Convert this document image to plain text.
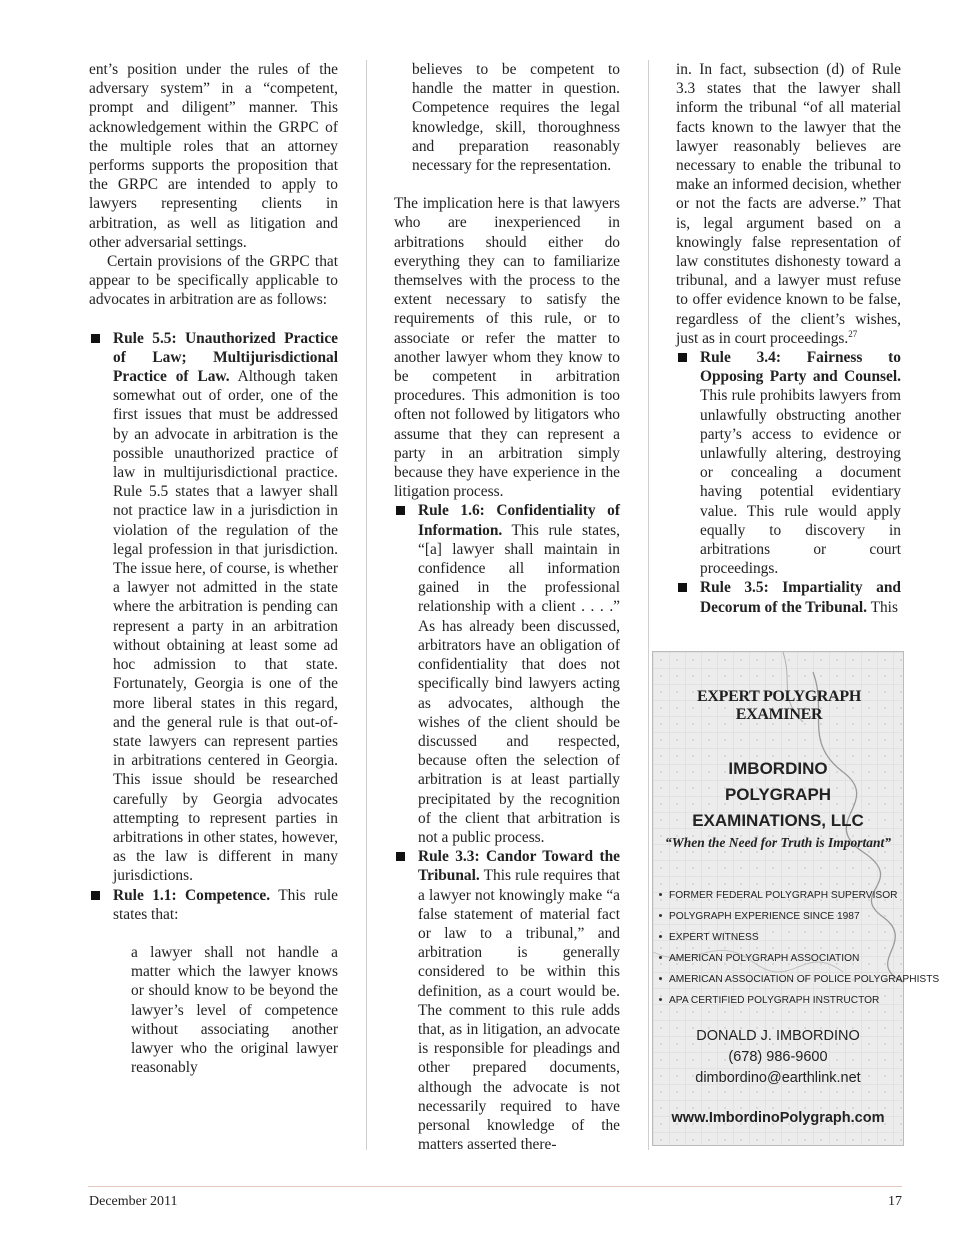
ent’s position under the rules of the adversary system” in a “competent, prompt and diligent” manner. This acknowledgement within the GRPC of the multiple roles that an attorney performs supports the proposition that the GRPC are intended to apply to lawyers representing clients in arbitration, as well as litigation and other adversarial settings.

Certain provisions of the GRPC that appear to be specifically applicable to advocates in arbitration are as follows:

Rule 5.5: Unauthorized Practice of Law; Multijurisdictional Practice of Law. Although taken somewhat out of order, one of the first issues that must be addressed by an advocate in arbitration is the possible unauthorized practice of law in multijurisdictional practice. Rule 5.5 states that a lawyer shall not practice law in a jurisdiction in violation of the regulation of the legal profession in that jurisdiction. The issue here, of course, is whether a lawyer not admitted in the state where the arbitration is pending can represent a party in an arbitration without obtaining at least some ad hoc admission to that state. Fortunately, Georgia is one of the more liberal states in this regard, and the general rule is that out-of-state lawyers can represent parties in arbitrations centered in Georgia. This issue should be researched carefully by Georgia advocates attempting to represent parties in arbitrations in other states, however, as the law is different in many jurisdictions.

Rule 1.1: Competence. This rule states that:

a lawyer shall not handle a matter which the lawyer knows or should know to be beyond the lawyer’s level of competence without associating another lawyer who the original lawyer reasonably

believes to be competent to handle the matter in question. Competence requires the legal knowledge, skill, thoroughness and preparation reasonably necessary for the representation.

The implication here is that lawyers who are inexperienced in arbitrations should either do everything they can to familiarize themselves with the process to the extent necessary to satisfy the requirements of this rule, or to associate or refer the matter to another lawyer whom they know to be competent in arbitration procedures. This admonition is too often not followed by litigators who assume that they can represent a party in an arbitration simply because they have experience in the litigation process.

Rule 1.6: Confidentiality of Information. This rule states, “[a] lawyer shall maintain in confidence all information gained in the professional relationship with a client . . . .” As has already been discussed, arbitrators have an obligation of confidentiality that does not specifically bind lawyers acting as advocates, although the wishes of the client should be discussed and respected, because often the selection of arbitration is at least partially precipitated by the recognition of the client that arbitration is not a public process.

Rule 3.3: Candor Toward the Tribunal. This rule requires that a lawyer not knowingly make “a false statement of material fact or law to a tribunal,” and arbitration is generally considered to be within this definition, as a court would be. The comment to this rule adds that, as in litigation, an advocate is responsible for pleadings and other prepared documents, although the advocate is not necessarily required to have personal knowledge of the matters asserted there-

in. In fact, subsection (d) of Rule 3.3 states that the lawyer shall inform the tribunal “of all material facts known to the lawyer that the lawyer reasonably believes are necessary to enable the tribunal to make an informed decision, whether or not the facts are adverse.” That is, legal argument based on a knowingly false representation of law constitutes dishonesty toward a tribunal, and a lawyer must refuse to offer evidence known to be false, regardless of the client’s wishes, just as in court proceedings.$^{27}$

Rule 3.4: Fairness to Opposing Party and Counsel. This rule prohibits lawyers from unlawfully obstructing another party’s access to evidence or unlawfully altering, destroying or concealing a document having potential evidentiary value. This rule would apply equally to discovery in arbitrations or court proceedings.

Rule 3.5: Impartiality and Decorum of the Tribunal. This

EXPERT POLYGRAPH EXAMINER
IMBORDINO
POLYGRAPH
EXAMINATIONS, LLC
“When the Need for Truth is Important”
FORMER FEDERAL POLYGRAPH SUPERVISOR
POLYGRAPH EXPERIENCE SINCE 1987
EXPERT WITNESS
AMERICAN POLYGRAPH ASSOCIATION
AMERICAN ASSOCIATION OF POLICE POLYGRAPHISTS
APA CERTIFIED POLYGRAPH INSTRUCTOR
DONALD J. IMBORDINO
(678) 986-9600
dimbordino@earthlink.net
www.ImbordinoPolygraph.com
December 2011	17
